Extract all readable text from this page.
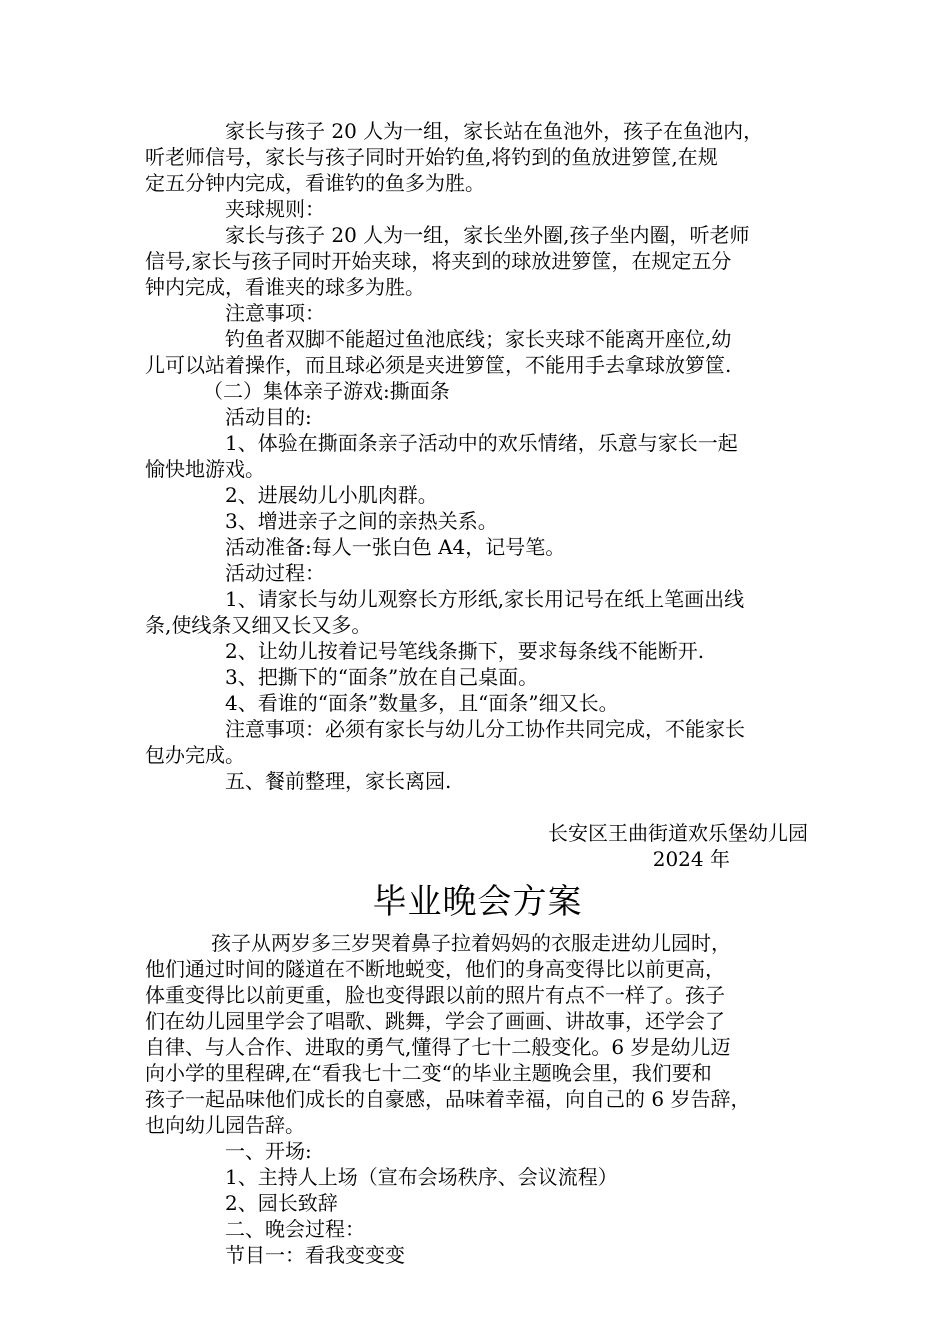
家长与孩子 20 人为一组，家长站在鱼池外，孩子在鱼池内，

听老师信号，家长与孩子同时开始钓鱼,将钓到的鱼放进箩筐,在规

定五分钟内完成，看谁钓的鱼多为胜。

夹球规则：

家长与孩子 20 人为一组，家长坐外圈,孩子坐内圈，听老师

信号,家长与孩子同时开始夹球，将夹到的球放进箩筐，在规定五分

钟内完成，看谁夹的球多为胜。

注意事项：

钓鱼者双脚不能超过鱼池底线；家长夹球不能离开座位,幼

儿可以站着操作，而且球必须是夹进箩筐，不能用手去拿球放箩筐.

（二）集体亲子游戏:撕面条

活动目的:

1、体验在撕面条亲子活动中的欢乐情绪，乐意与家长一起

愉快地游戏。

2、进展幼儿小肌肉群。

3、增进亲子之间的亲热关系。

活动准备:每人一张白色 A4，记号笔。

活动过程：

1、请家长与幼儿观察长方形纸,家长用记号在纸上笔画出线

条,使线条又细又长又多。

2、让幼儿按着记号笔线条撕下，要求每条线不能断开.

3、把撕下的“面条”放在自己桌面。

4、看谁的“面条”数量多，且“面条”细又长。

注意事项：必须有家长与幼儿分工协作共同完成，不能家长

包办完成。

五、餐前整理，家长离园.

长安区王曲街道欢乐堡幼儿园
2024 年
毕业晚会方案

孩子从两岁多三岁哭着鼻子拉着妈妈的衣服走进幼儿园时，

他们通过时间的隧道在不断地蜕变，他们的身高变得比以前更高，

体重变得比以前更重，脸也变得跟以前的照片有点不一样了。孩子

们在幼儿园里学会了唱歌、跳舞，学会了画画、讲故事，还学会了

自律、与人合作、进取的勇气,懂得了七十二般变化。6 岁是幼儿迈

向小学的里程碑,在“看我七十二变“的毕业主题晚会里，我们要和

孩子一起品味他们成长的自豪感，品味着幸福，向自己的 6 岁告辞，

也向幼儿园告辞。

一、开场:

1、主持人上场（宣布会场秩序、会议流程）

2、园长致辞

二、晚会过程：

节目一：看我变变变
